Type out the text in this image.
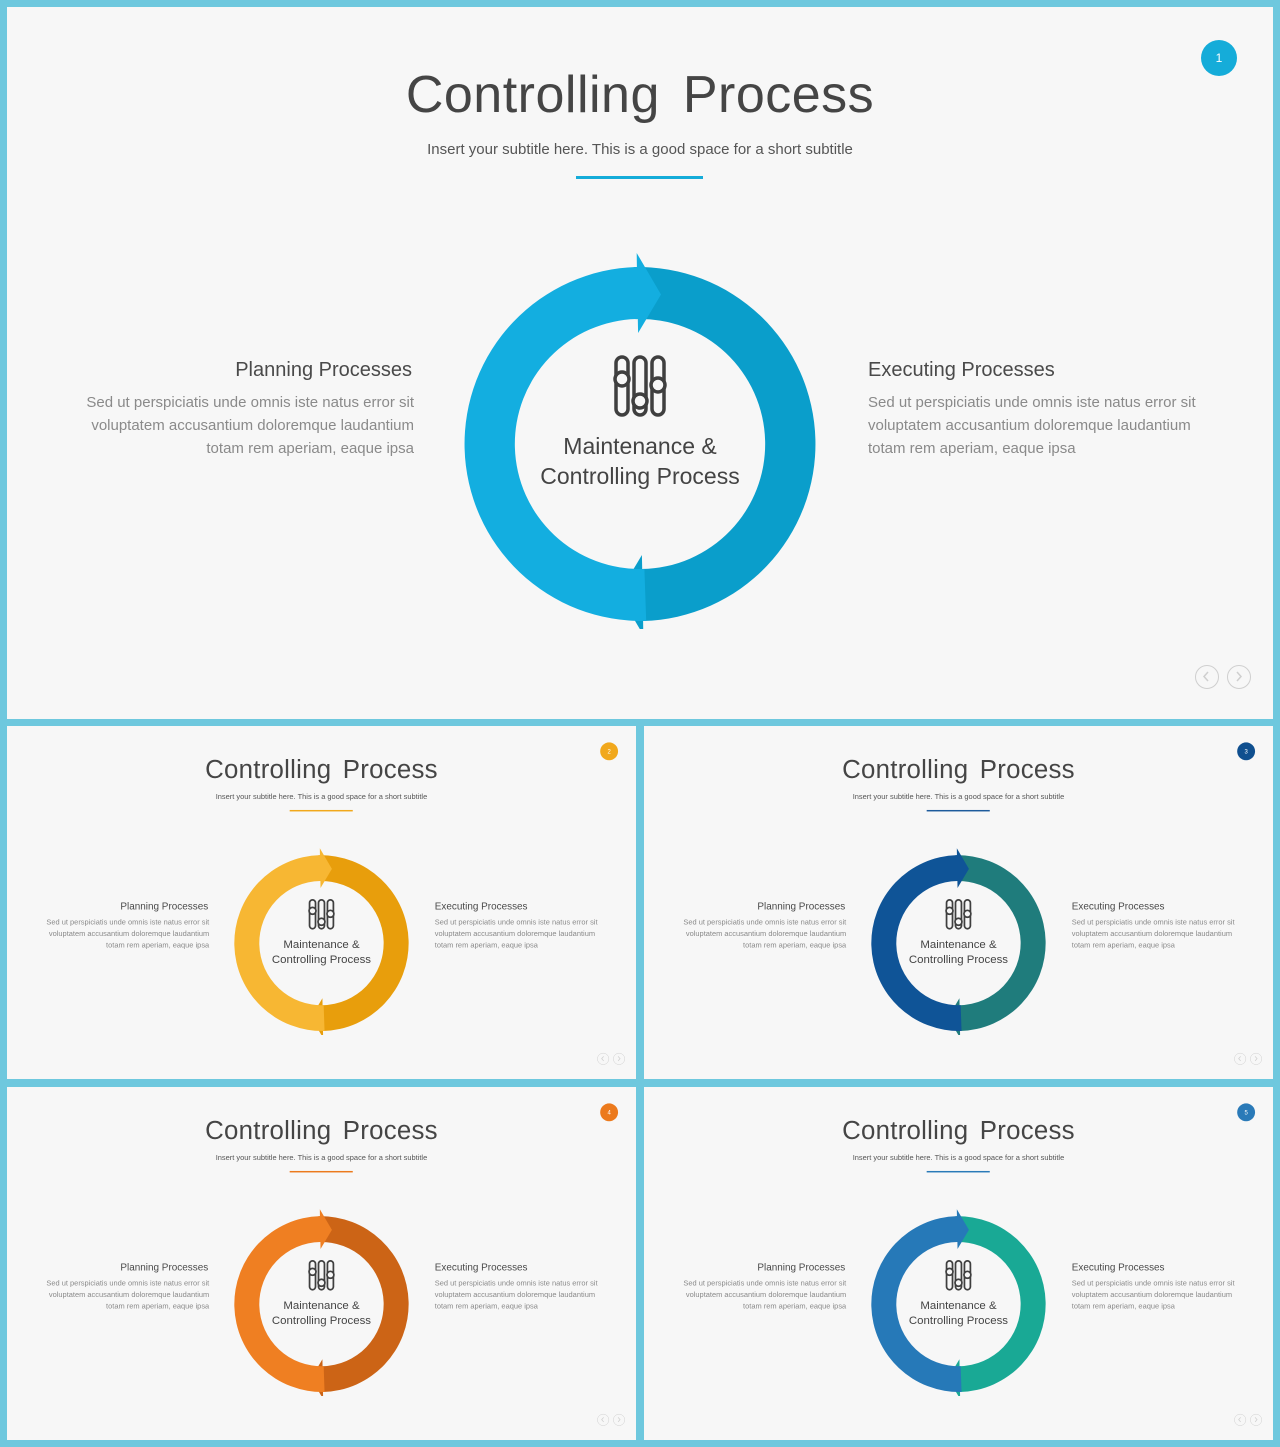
Controlling Process
Insert your subtitle here. This is a good space for a short subtitle
1
Planning Processes
Sed ut perspiciatis unde omnis iste natus error sit voluptatem accusantium doloremque laudantium totam rem aperiam, eaque ipsa
Executing Processes
Sed ut perspiciatis unde omnis iste natus error sit voluptatem accusantium doloremque laudantium totam rem aperiam, eaque ipsa
Maintenance & Controlling Process
Controlling Process
Insert your subtitle here. This is a good space for a short subtitle
2
Planning Processes
Sed ut perspiciatis unde omnis iste natus error sit voluptatem accusantium doloremque laudantium totam rem aperiam, eaque ipsa
Executing Processes
Sed ut perspiciatis unde omnis iste natus error sit voluptatem accusantium doloremque laudantium totam rem aperiam, eaque ipsa
Maintenance & Controlling Process
Controlling Process
Insert your subtitle here. This is a good space for a short subtitle
3
Planning Processes
Sed ut perspiciatis unde omnis iste natus error sit voluptatem accusantium doloremque laudantium totam rem aperiam, eaque ipsa
Executing Processes
Sed ut perspiciatis unde omnis iste natus error sit voluptatem accusantium doloremque laudantium totam rem aperiam, eaque ipsa
Maintenance & Controlling Process
Controlling Process
Insert your subtitle here. This is a good space for a short subtitle
4
Planning Processes
Sed ut perspiciatis unde omnis iste natus error sit voluptatem accusantium doloremque laudantium totam rem aperiam, eaque ipsa
Executing Processes
Sed ut perspiciatis unde omnis iste natus error sit voluptatem accusantium doloremque laudantium totam rem aperiam, eaque ipsa
Maintenance & Controlling Process
Controlling Process
Insert your subtitle here. This is a good space for a short subtitle
5
Planning Processes
Sed ut perspiciatis unde omnis iste natus error sit voluptatem accusantium doloremque laudantium totam rem aperiam, eaque ipsa
Executing Processes
Sed ut perspiciatis unde omnis iste natus error sit voluptatem accusantium doloremque laudantium totam rem aperiam, eaque ipsa
Maintenance & Controlling Process
